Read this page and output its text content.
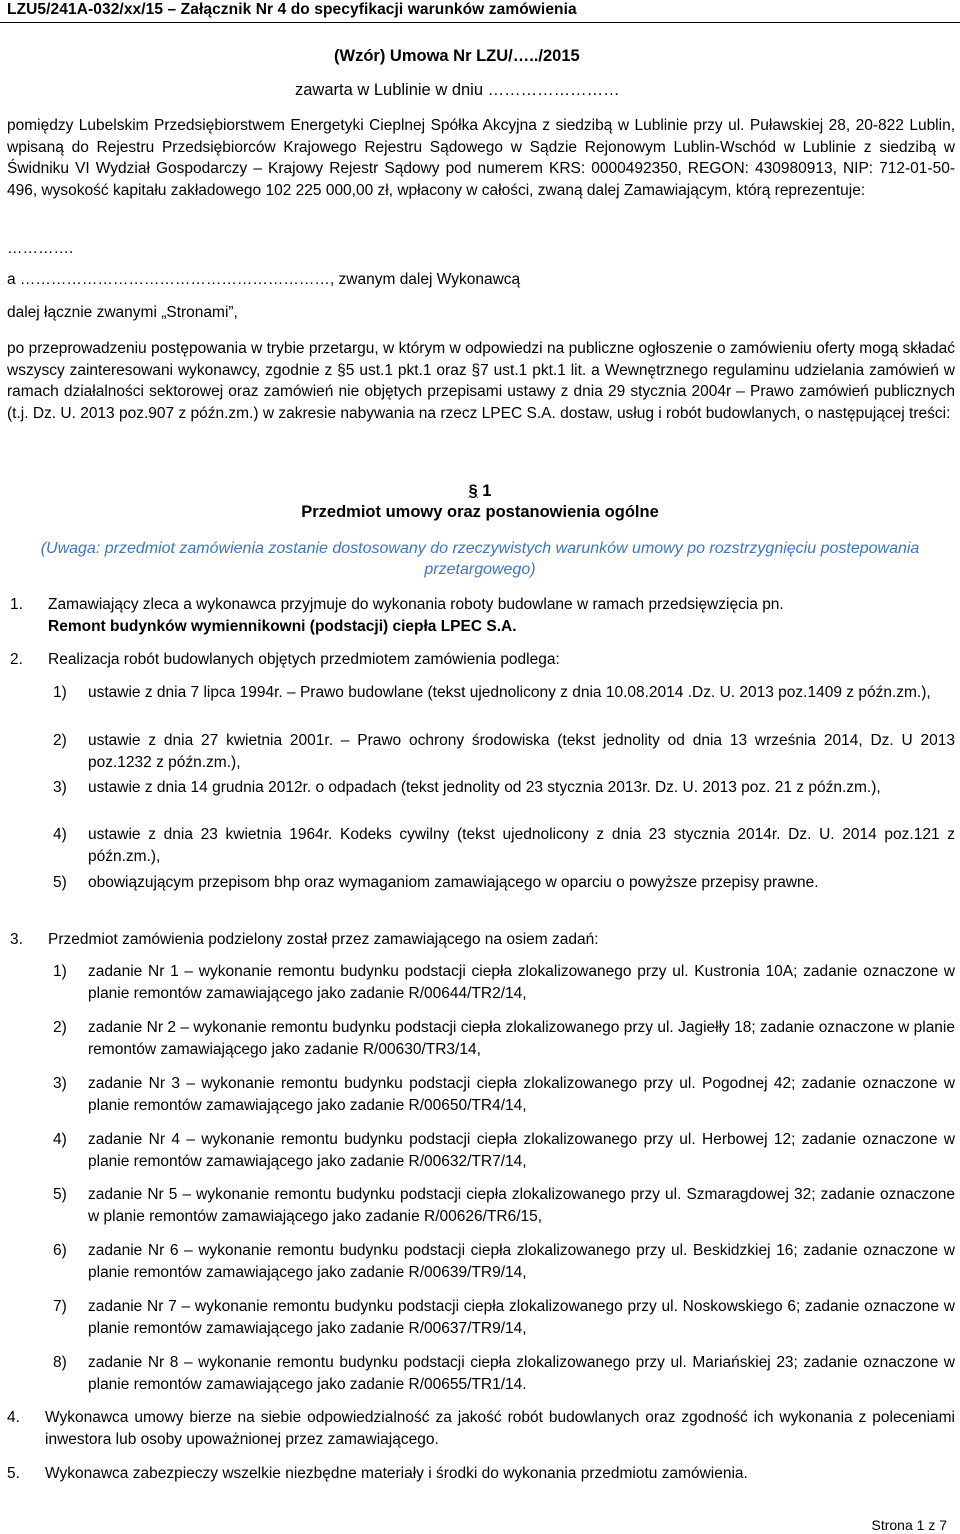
LZU5/241A-032/xx/15 – Załącznik Nr 4 do specyfikacji warunków zamówienia
(Wzór) Umowa Nr LZU/…../2015
zawarta w Lublinie w dniu ……………………

pomiędzy Lubelskim Przedsiębiorstwem Energetyki Cieplnej Spółka Akcyjna z siedzibą w Lublinie przy ul. Puławskiej 28, 20-822 Lublin, wpisaną do Rejestru Przedsiębiorców Krajowego Rejestru Sądowego w Sądzie Rejonowym Lublin-Wschód w Lublinie z siedzibą w Świdniku VI Wydział Gospodarczy – Krajowy Rejestr Sądowy pod numerem KRS: 0000492350, REGON: 430980913, NIP: 712-01-50-496, wysokość kapitału zakładowego 102 225 000,00 zł, wpłacony w całości, zwaną dalej Zamawiającym, którą reprezentuje:

………….
a ……………………………………………………, zwanym dalej Wykonawcą
dalej łącznie zwanymi „Stronami”,

po przeprowadzeniu postępowania w trybie przetargu, w którym w odpowiedzi na publiczne ogłoszenie o zamówieniu oferty mogą składać wszyscy zainteresowani wykonawcy, zgodnie z §5 ust.1 pkt.1 oraz §7 ust.1 pkt.1 lit. a Wewnętrznego regulaminu udzielania zamówień w ramach działalności sektorowej oraz zamówień nie objętych przepisami ustawy z dnia 29 stycznia 2004r – Prawo zamówień publicznych (t.j. Dz. U. 2013 poz.907 z późn.zm.) w zakresie nabywania na rzecz LPEC S.A. dostaw, usług i robót budowlanych, o następującej treści:

§ 1
Przedmiot umowy oraz postanowienia ogólne
(Uwaga: przedmiot zamówienia zostanie dostosowany do rzeczywistych warunków umowy po rozstrzygnięciu postepowania przetargowego)
1.	Zamawiający zleca a wykonawca przyjmuje do wykonania roboty budowlane w ramach przedsięwzięcia pn.
Remont budynków wymiennikowni (podstacji) ciepła LPEC S.A.
2.	Realizacja robót budowlanych objętych przedmiotem zamówienia podlega:
1)	ustawie z dnia 7 lipca 1994r. – Prawo budowlane (tekst ujednolicony z dnia 10.08.2014 .Dz. U. 2013 poz.1409 z późn.zm.),
2)	ustawie z dnia 27 kwietnia 2001r. – Prawo ochrony środowiska (tekst jednolity od dnia 13 września 2014, Dz. U 2013 poz.1232 z późn.zm.),
3)	ustawie z dnia 14 grudnia 2012r. o odpadach (tekst jednolity od 23 stycznia 2013r. Dz. U. 2013 poz. 21 z późn.zm.),
4)	ustawie z dnia 23 kwietnia 1964r. Kodeks cywilny (tekst ujednolicony z dnia 23 stycznia 2014r. Dz. U. 2014 poz.121 z późn.zm.),
5)	obowiązującym przepisom bhp oraz wymaganiom zamawiającego w oparciu o powyższe przepisy prawne.
3.	Przedmiot zamówienia podzielony został przez zamawiającego na osiem zadań:
1)	zadanie Nr 1 – wykonanie remontu budynku podstacji ciepła zlokalizowanego przy ul. Kustronia 10A; zadanie oznaczone w planie remontów zamawiającego jako zadanie R/00644/TR2/14,
2)	zadanie Nr 2 – wykonanie remontu budynku podstacji ciepła zlokalizowanego przy ul. Jagiełły 18; zadanie oznaczone w planie remontów zamawiającego jako zadanie R/00630/TR3/14,
3)	zadanie Nr 3 – wykonanie remontu budynku podstacji ciepła zlokalizowanego przy ul. Pogodnej 42; zadanie oznaczone w planie remontów zamawiającego jako zadanie R/00650/TR4/14,
4)	zadanie Nr 4 – wykonanie remontu budynku podstacji ciepła zlokalizowanego przy ul. Herbowej 12; zadanie oznaczone w planie remontów zamawiającego jako zadanie R/00632/TR7/14,
5)	zadanie Nr 5 – wykonanie remontu budynku podstacji ciepła zlokalizowanego przy ul. Szmaragdowej 32; zadanie oznaczone w planie remontów zamawiającego jako zadanie R/00626/TR6/15,
6)	zadanie Nr 6 – wykonanie remontu budynku podstacji ciepła zlokalizowanego przy ul. Beskidzkiej 16; zadanie oznaczone w planie remontów zamawiającego jako zadanie R/00639/TR9/14,
7)	zadanie Nr 7 – wykonanie remontu budynku podstacji ciepła zlokalizowanego przy ul. Noskowskiego 6; zadanie oznaczone w planie remontów zamawiającego jako zadanie R/00637/TR9/14,
8)	zadanie Nr 8 – wykonanie remontu budynku podstacji ciepła zlokalizowanego przy ul. Mariańskiej 23; zadanie oznaczone w planie remontów zamawiającego jako zadanie R/00655/TR1/14.
4.	Wykonawca umowy bierze na siebie odpowiedzialność za jakość robót budowlanych oraz zgodność ich wykonania z poleceniami inwestora lub osoby upoważnionej przez zamawiającego.
5.	Wykonawca zabezpieczy wszelkie niezbędne materiały i środki do wykonania przedmiotu zamówienia.
Strona 1 z 7
